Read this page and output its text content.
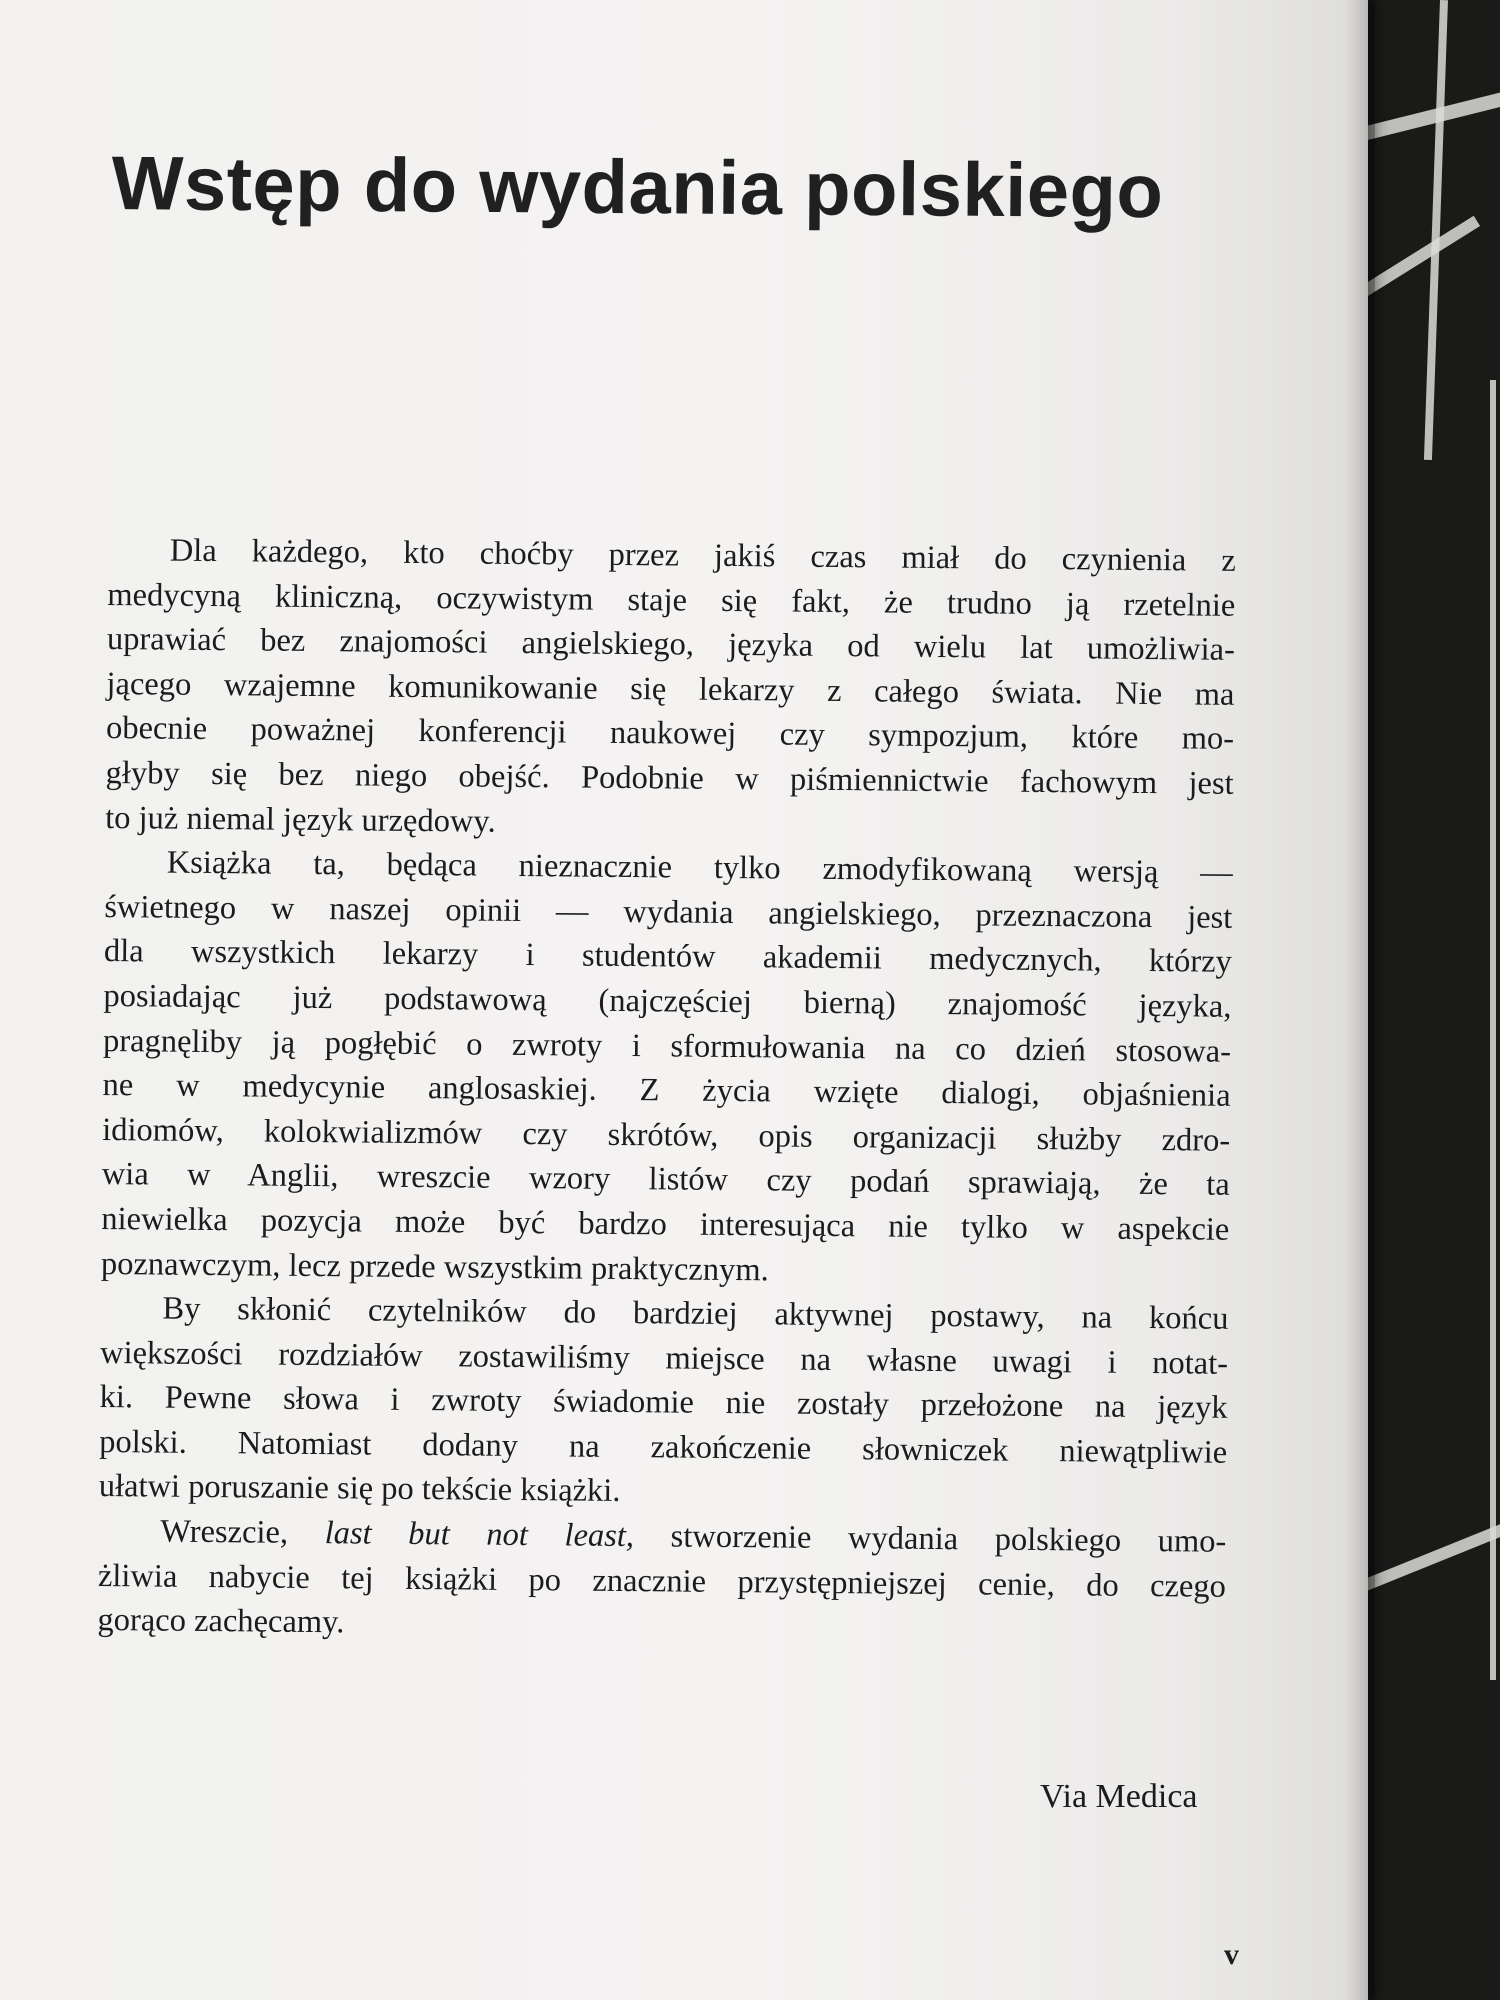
Wstęp do wydania polskiego
Dla każdego, kto choćby przez jakiś czas miał do czynienia z
medycyną kliniczną, oczywistym staje się fakt, że trudno ją rzetelnie
uprawiać bez znajomości angielskiego, języka od wielu lat umożliwia-
jącego wzajemne komunikowanie się lekarzy z całego świata. Nie ma
obecnie poważnej konferencji naukowej czy sympozjum, które mo-
głyby się bez niego obejść. Podobnie w piśmiennictwie fachowym jest
to już niemal język urzędowy.
Książka ta, będąca nieznacznie tylko zmodyfikowaną wersją —
świetnego w naszej opinii — wydania angielskiego, przeznaczona jest
dla wszystkich lekarzy i studentów akademii medycznych, którzy
posiadając już podstawową (najczęściej bierną) znajomość języka,
pragnęliby ją pogłębić o zwroty i sformułowania na co dzień stosowa-
ne w medycynie anglosaskiej. Z życia wzięte dialogi, objaśnienia
idiomów, kolokwializmów czy skrótów, opis organizacji służby zdro-
wia w Anglii, wreszcie wzory listów czy podań sprawiają, że ta
niewielka pozycja może być bardzo interesująca nie tylko w aspekcie
poznawczym, lecz przede wszystkim praktycznym.
By skłonić czytelników do bardziej aktywnej postawy, na końcu
większości rozdziałów zostawiliśmy miejsce na własne uwagi i notat-
ki. Pewne słowa i zwroty świadomie nie zostały przełożone na język
polski. Natomiast dodany na zakończenie słowniczek niewątpliwie
ułatwi poruszanie się po tekście książki.
Wreszcie, last but not least, stworzenie wydania polskiego umo-
żliwia nabycie tej książki po znacznie przystępniejszej cenie, do czego
gorąco zachęcamy.
Via Medica
v
